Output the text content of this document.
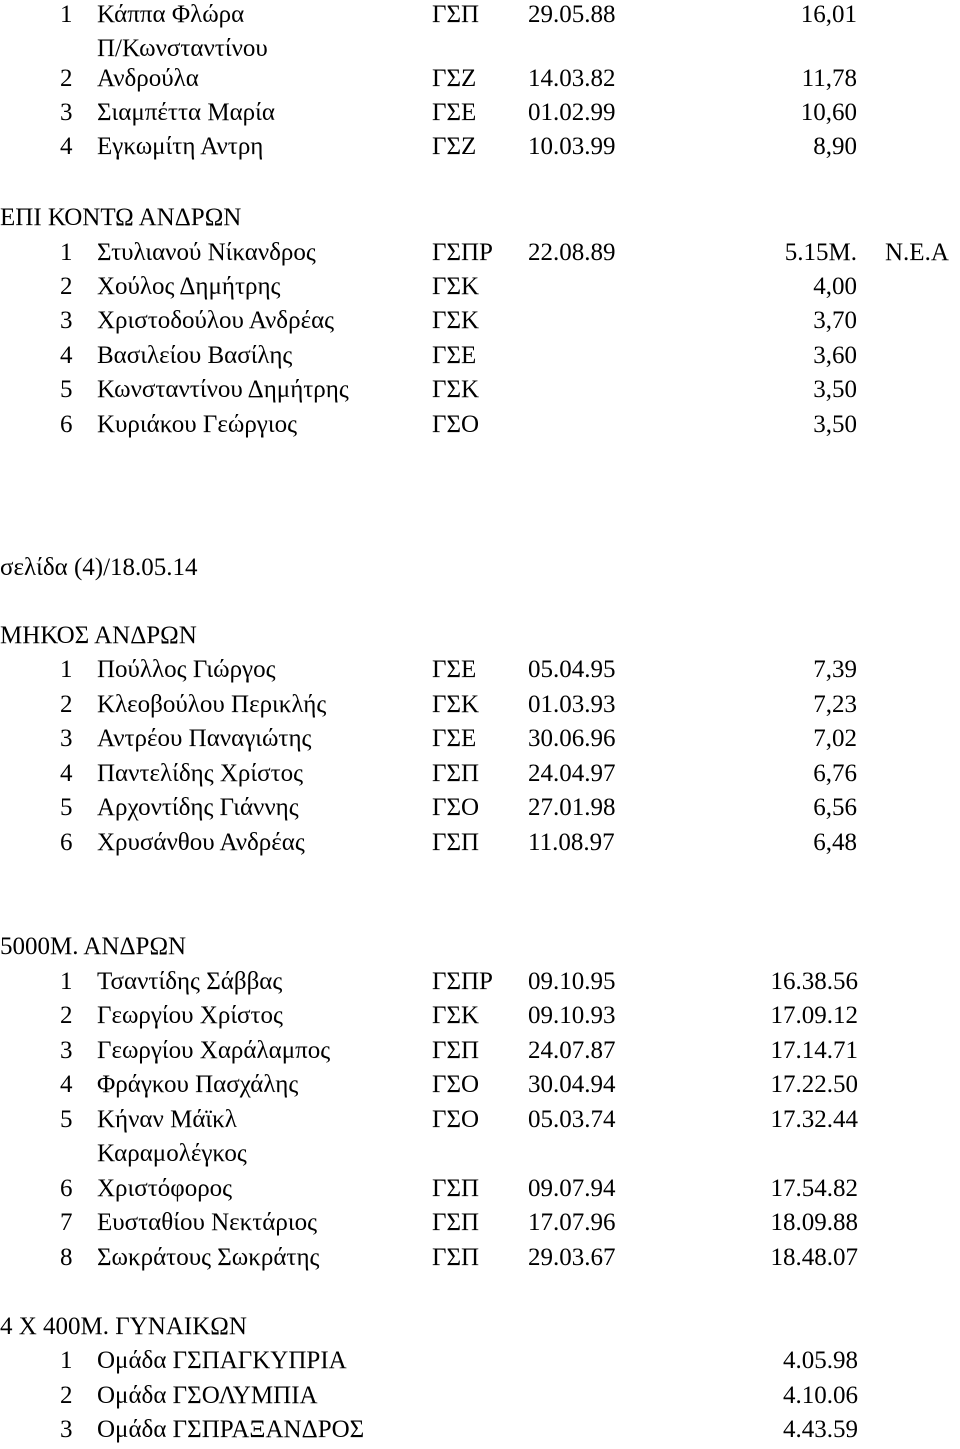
1 Κάππα Φλώρα	ΓΣΠ 29.05.88	16,01
Π/Κωνσταντίνου
2 Ανδρούλα	ΓΣΖ 14.03.82	11,78
3 Σιαμπέττα Μαρία	ΓΣΕ 01.02.99	10,60
4 Εγκωμίτη Αντρη	ΓΣΖ 10.03.99	8,90
ΕΠΙ ΚΟΝΤΩ ΑΝΔΡΩΝ
1 Στυλιανού Νίκανδρος	ΓΣΠΡ 22.08.89	5.15Μ. Ν.Ε.Α
2 Χούλος Δημήτρης	ΓΣΚ	4,00
3 Χριστοδούλου Ανδρέας	ΓΣΚ	3,70
4 Βασιλείου Βασίλης	ΓΣΕ	3,60
5 Κωνσταντίνου Δημήτρης	ΓΣΚ	3,50
6 Κυριάκου Γεώργιος	ΓΣΟ	3,50
σελίδα (4)/18.05.14
ΜΗΚΟΣ ΑΝΔΡΩΝ
1 Πούλλος Γιώργος	ΓΣΕ 05.04.95	7,39
2 Κλεοβούλου Περικλής	ΓΣΚ 01.03.93	7,23
3 Αντρέου Παναγιώτης	ΓΣΕ 30.06.96	7,02
4 Παντελίδης Χρίστος	ΓΣΠ 24.04.97	6,76
5 Αρχοντίδης Γιάννης	ΓΣΟ 27.01.98	6,56
6 Χρυσάνθου Ανδρέας	ΓΣΠ 11.08.97	6,48
5000Μ. ΑΝΔΡΩΝ
1 Τσαντίδης Σάββας	ΓΣΠΡ 09.10.95	16.38.56
2 Γεωργίου Χρίστος	ΓΣΚ 09.10.93	17.09.12
3 Γεωργίου Χαράλαμπος	ΓΣΠ 24.07.87	17.14.71
4 Φράγκου Πασχάλης	ΓΣΟ 30.04.94	17.22.50
5 Κήναν Μάϊκλ	ΓΣΟ 05.03.74	17.32.44
Καραμολέγκος
6 Χριστόφορος	ΓΣΠ 09.07.94	17.54.82
7 Ευσταθίου Νεκτάριος	ΓΣΠ 17.07.96	18.09.88
8 Σωκράτους Σωκράτης	ΓΣΠ 29.03.67	18.48.07
4 Χ 400Μ. ΓΥΝΑΙΚΩΝ
1 Ομάδα ΓΣΠΑΓΚΥΠΡΙΑ	4.05.98
2 Ομάδα ΓΣΟΛΥΜΠΙΑ	4.10.06
3 Ομάδα ΓΣΠΡΑΞΑΝΔΡΟΣ	4.43.59
